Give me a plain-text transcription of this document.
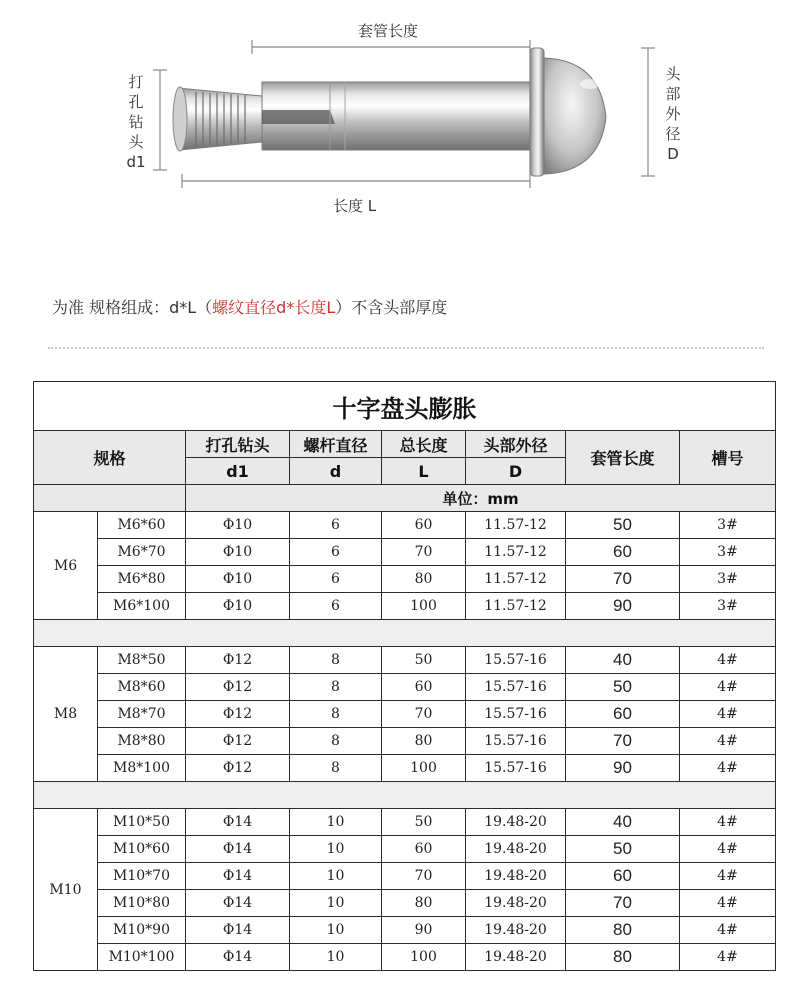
套管长度
长度 L
打
孔
钻
头
d1
头
部
外
径
D
为准 规格组成：d*L（螺纹直径d*长度L）不含头部厚度
十字盘头膨胀							
规格		打孔钻头	螺杆直径	总长度	头部外径	套管长度	槽号
		d1	d	L	D		
		单位：mm					
M6	M6*60	Φ10	6	60	11.57-12	50	3#
	M6*70	Φ10	6	70	11.57-12	60	3#
	M6*80	Φ10	6	80	11.57-12	70	3#
	M6*100	Φ10	6	100	11.57-12	90	3#

M8	M8*50	Φ12	8	50	15.57-16	40	4#
	M8*60	Φ12	8	60	15.57-16	50	4#
	M8*70	Φ12	8	70	15.57-16	60	4#
	M8*80	Φ12	8	80	15.57-16	70	4#
	M8*100	Φ12	8	100	15.57-16	90	4#

M10	M10*50	Φ14	10	50	19.48-20	40	4#
	M10*60	Φ14	10	60	19.48-20	50	4#
	M10*70	Φ14	10	70	19.48-20	60	4#
	M10*80	Φ14	10	80	19.48-20	70	4#
	M10*90	Φ14	10	90	19.48-20	80	4#
	M10*100	Φ14	10	100	19.48-20	80	4#
